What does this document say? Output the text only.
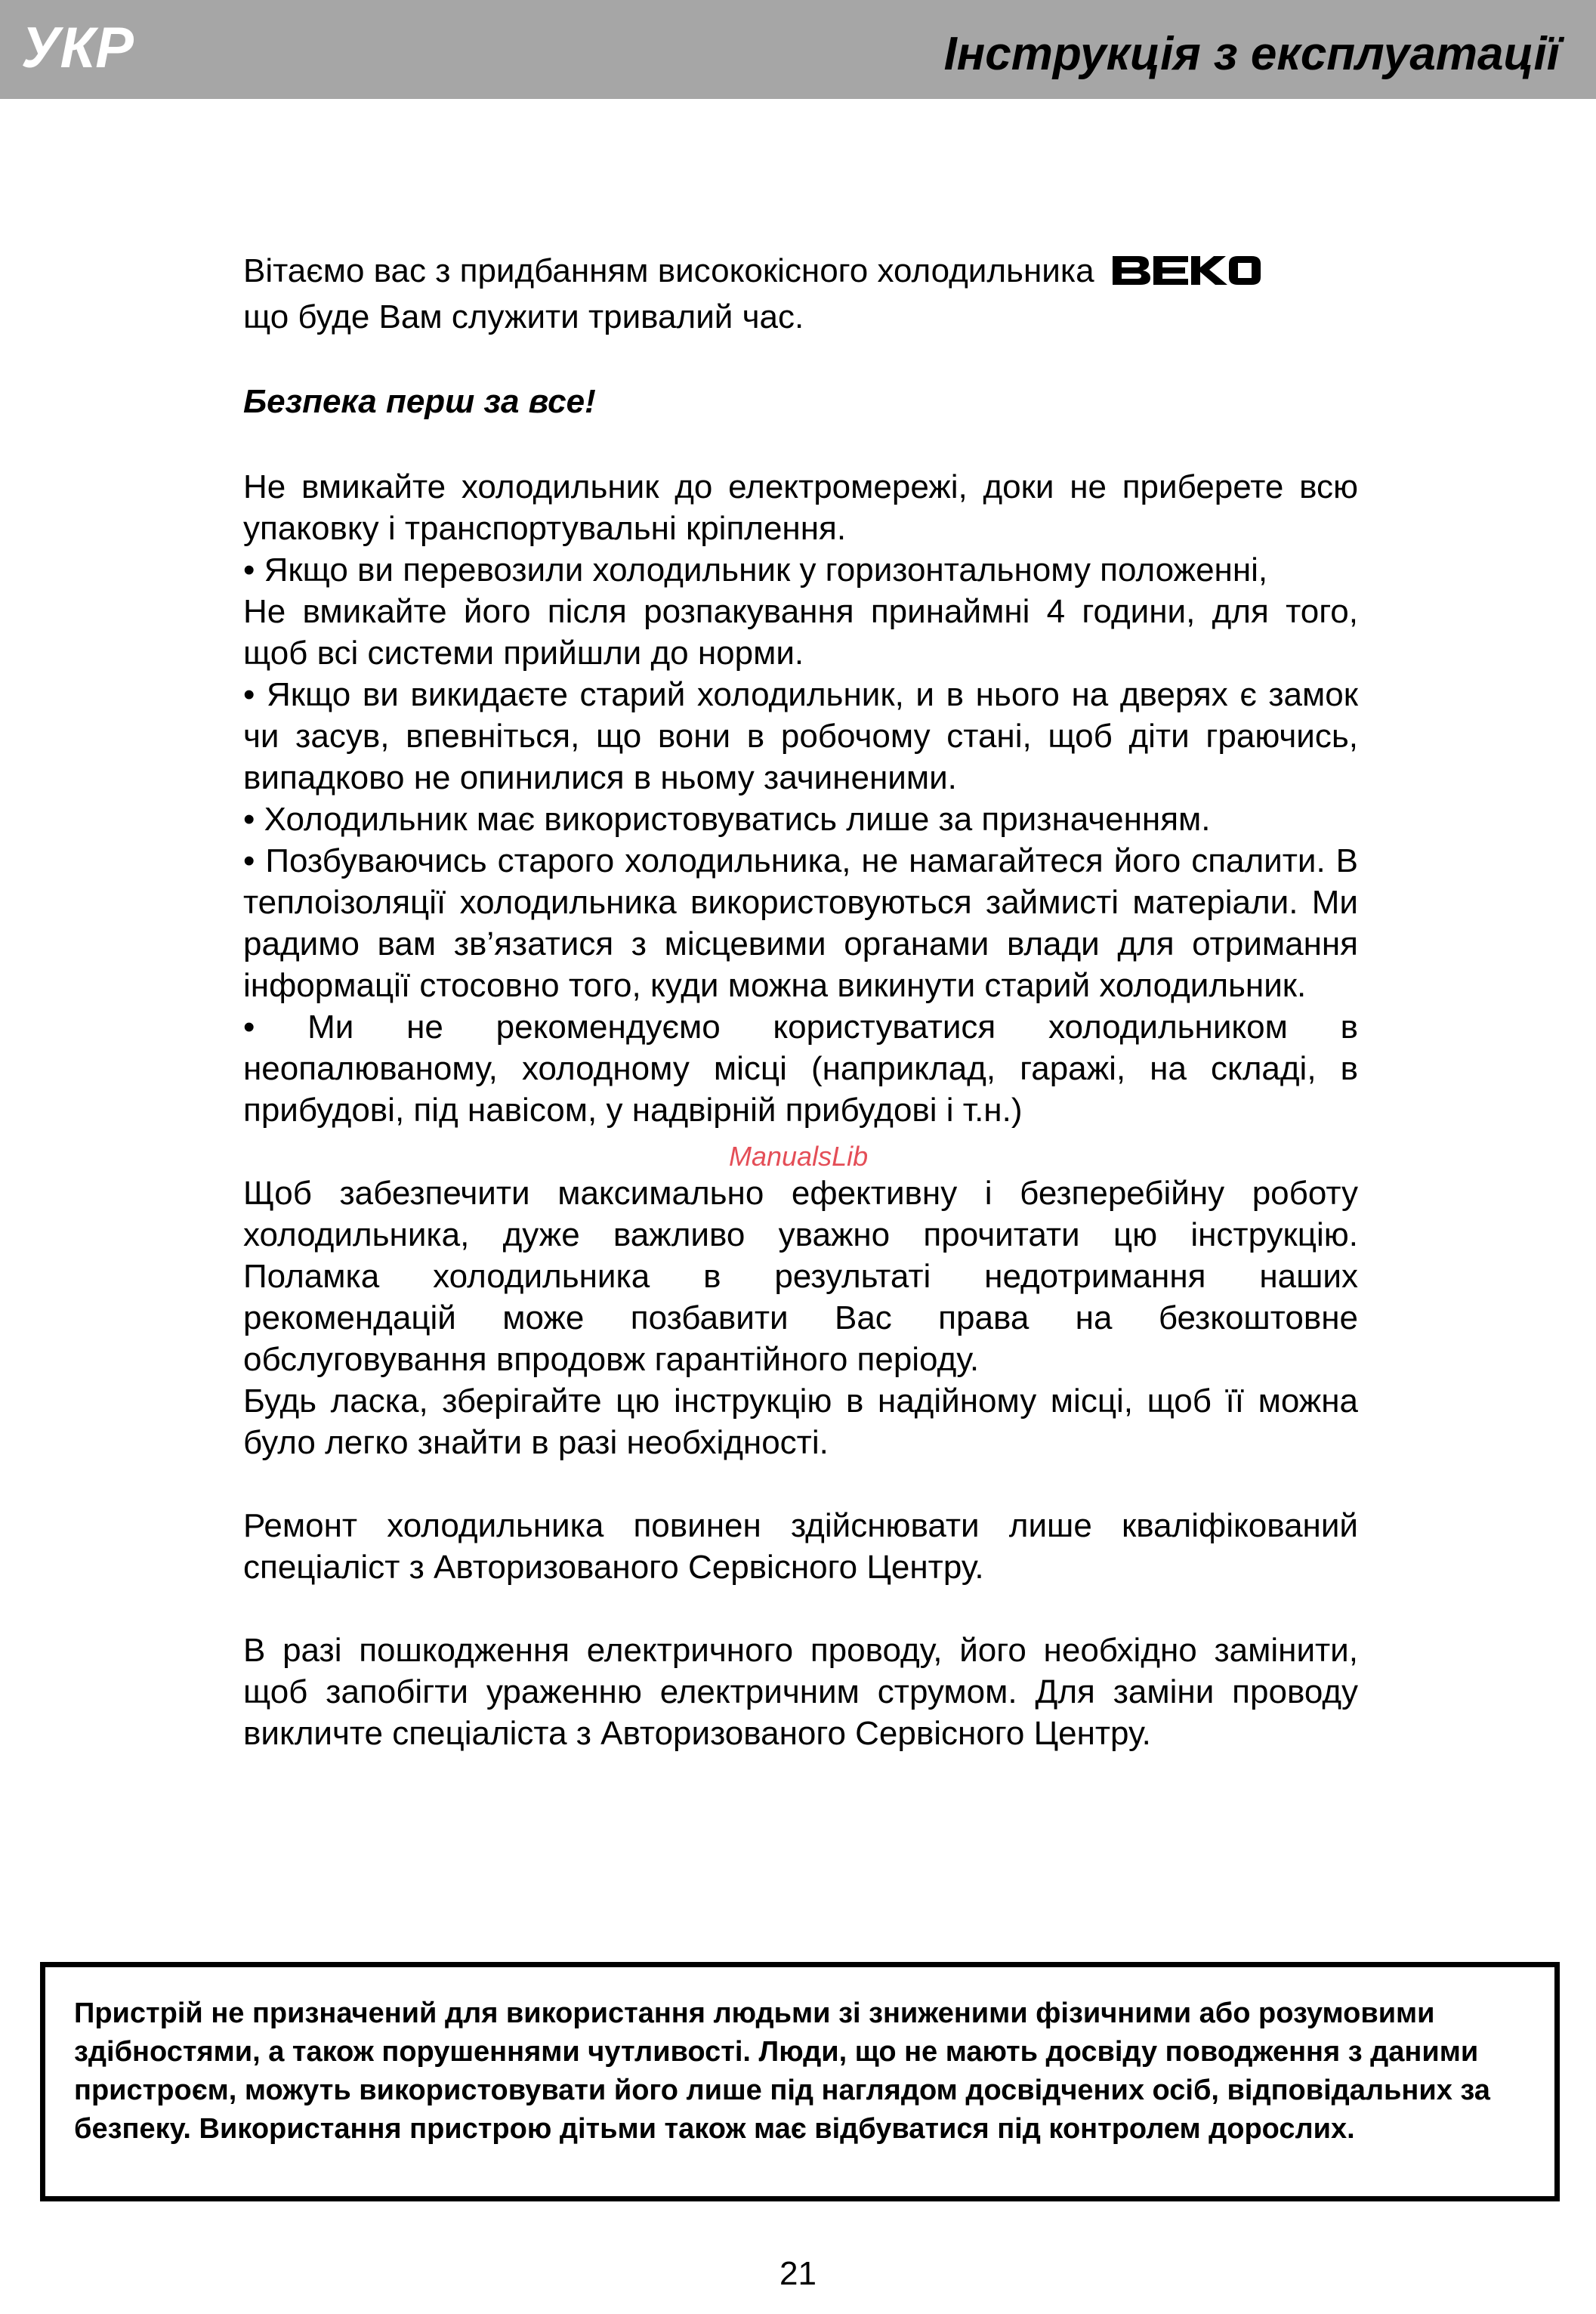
УКР	Інструкція з експлуатації

Вітаємо вас з придбанням висококісного холодильника
що буде Вам служити тривалий час.

Безпека перш за все!

Не вмикайте холодильник до електромережі, доки не приберете всю упаковку і транспортувальні кріплення.

• Якщо ви перевозили холодильник у горизонтальному положенні,

Не вмикайте його після розпакування принаймні 4 години, для того, щоб всі системи прийшли до норми.

• Якщо ви викидаєте старий холодильник, и в нього на дверях є замок чи засув, впевніться, що вони в робочому стані, щоб діти граючись, випадково не опинилися в ньому зачиненими.

• Холодильник має використовуватись лише за призначенням.

• Позбуваючись старого холодильника, не намагайтеся його спалити. В теплоізоляції холодильника використовуються займисті матеріали. Ми радимо вам зв’язатися з місцевими органами влади для отримання інформації стосовно того, куди можна викинути старий холодильник.

• Ми не рекомендуємо користуватися холодильником в неопалюваному, холодному місці (наприклад, гаражі, на складі, в прибудові, під навісом, у надвірній прибудові і т.н.)

Щоб забезпечити максимально ефективну і безперебійну роботу холодильника, дуже важливо уважно прочитати цю інструкцію. Поламка холодильника в результаті недотримання наших рекомендацій може позбавити Вас права на безкоштовне обслуговування впродовж гарантійного періоду.

Будь ласка, зберігайте цю інструкцію в надійному місці, щоб її можна було легко знайти в разі необхідності.

Ремонт холодильника повинен здійснювати лише кваліфікований спеціаліст з Авторизованого Сервісного Центру.

В разі пошкодження електричного проводу, його необхідно замінити, щоб запобігти ураженню електричним струмом. Для заміни проводу викличте спеціаліста з Авторизованого Сервісного Центру.

ManualsLib
Пристрій не призначений для використання людьми зі зниженими фізичними або розумовими здібностями, а також порушеннями чутливості. Люди, що не мають досвіду поводження з даними пристроєм, можуть використовувати його лише під наглядом досвідчених осіб, відповідальних за безпеку. Використання пристрою дітьми також має відбуватися під контролем дорослих.
21
